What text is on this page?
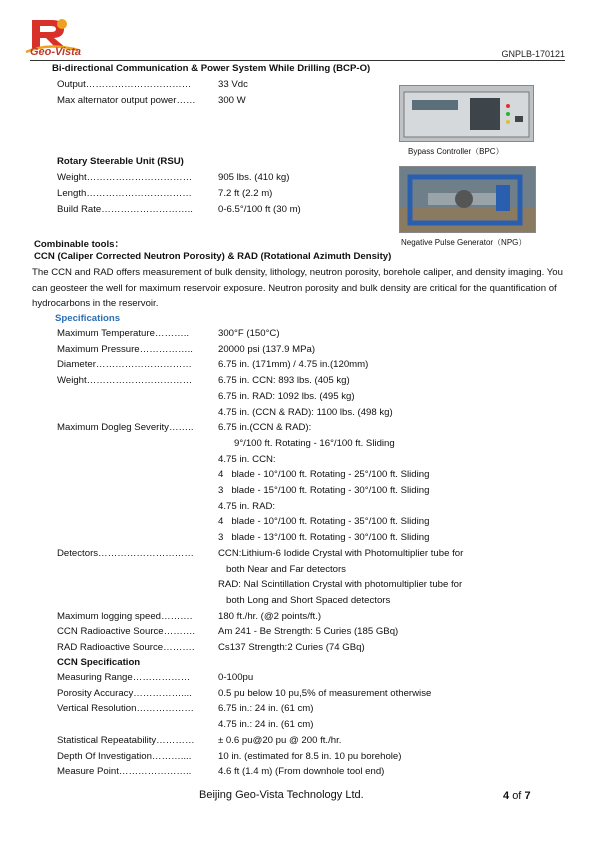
Geo-Vista	GNPLB-170121
Bi-directional Communication & Power System While Drilling (BCP-O)
Output……………………………	33 Vdc
Max alternator output power…… 300 W
Bypass Controller（BPC）
Rotary Steerable Unit (RSU)
Weight……………………………	905 lbs. (410 kg)
Length……………………………	7.2 ft (2.2 m)
Build Rate………………………..	0-6.5°/100 ft (30 m)
Negative Pulse Generator（NPG）
Combinable tools：
CCN (Caliper Corrected Neutron Porosity) & RAD (Rotational Azimuth Density)
The CCN and RAD offers measurement of bulk density, lithology, neutron porosity, borehole caliper, and density imaging. You can geosteer the well for maximum reservoir exposure. Neutron porosity and bulk density are critical for the quantification of hydrocarbons in the reservoir.
Specifications
Maximum Temperature………..	300°F (150°C)
Maximum Pressure……………..	20000 psi (137.9 MPa)
Diameter…………………………	6.75 in. (171mm) / 4.75 in.(120mm)
Weight……………………………	6.75 in. CCN: 893 lbs. (405 kg)
6.75 in. RAD: 1092 lbs. (495 kg)
4.75 in. (CCN & RAD): 1100 lbs. (498 kg)
Maximum Dogleg Severity……..	6.75 in.(CCN & RAD):
9°/100 ft. Rotating - 16°/100 ft. Sliding
4.75 in. CCN:
4   blade - 10°/100 ft. Rotating - 25°/100 ft. Sliding
3   blade - 15°/100 ft. Rotating - 30°/100 ft. Sliding
4.75 in. RAD:
4   blade - 10°/100 ft. Rotating - 35°/100 ft. Sliding
3   blade - 13°/100 ft. Rotating - 30°/100 ft. Sliding
Detectors…………………………	CCN:Lithium-6 Iodide Crystal with Photomultiplier tube for
both Near and Far detectors
RAD: NaI Scintillation Crystal with photomultiplier tube for
both Long and Short Spaced detectors
Maximum logging speed……….	180 ft./hr. (@2 points/ft.)
CCN Radioactive Source………. Am 241 - Be Strength: 5 Curies (185 GBq)
RAD Radioactive Source………. Cs137 Strength:2 Curies (74 GBq)
CCN Specification
Measuring Range………………	0-100pu
Porosity Accuracy……………....	0.5 pu below 10 pu,5% of measurement otherwise
Vertical Resolution……………… 6.75 in.: 24 in. (61 cm)
4.75 in.: 24 in. (61 cm)
Statistical Repeatability………… ± 0.6 pu@20 pu @ 200 ft./hr.
Depth Of Investigation………....	10 in. (estimated for 8.5 in. 10 pu borehole)
Measure Point…………………..	4.6 ft (1.4 m) (From downhole tool end)
Beijing Geo-Vista Technology Ltd.	4 of 7
